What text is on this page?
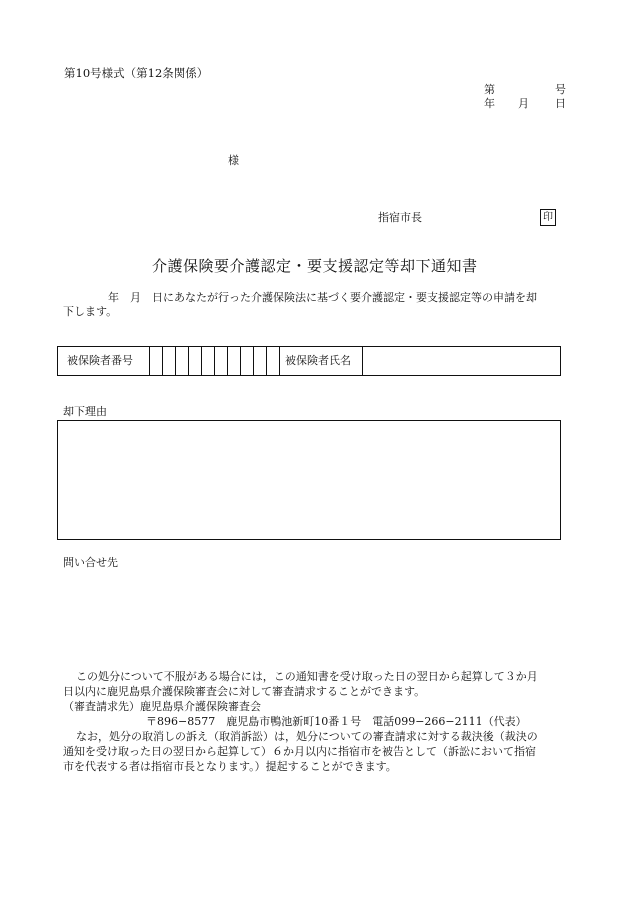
第10号様式（第12条関係）
第	号
年 月 日
様
指宿市長	印
介護保険要介護認定・要支援認定等却下通知書
年　月　日にあなたが行った介護保険法に基づく要介護認定・要支援認定等の申請を却
下します。
被保険者番号	被保険者氏名
却下理由
問い合せ先
この処分について不服がある場合には，この通知書を受け取った日の翌日から起算して３か月
日以内に鹿児島県介護保険審査会に対して審査請求することができます。
（審査請求先）鹿児島県介護保険審査会
〒896−8577　鹿児島市鴨池新町10番１号　電話099−266−2111（代表）
なお，処分の取消しの訴え（取消訴訟）は，処分についての審査請求に対する裁決後（裁決の
通知を受け取った日の翌日から起算して）６か月以内に指宿市を被告として（訴訟において指宿
市を代表する者は指宿市長となります。）提起することができます。
